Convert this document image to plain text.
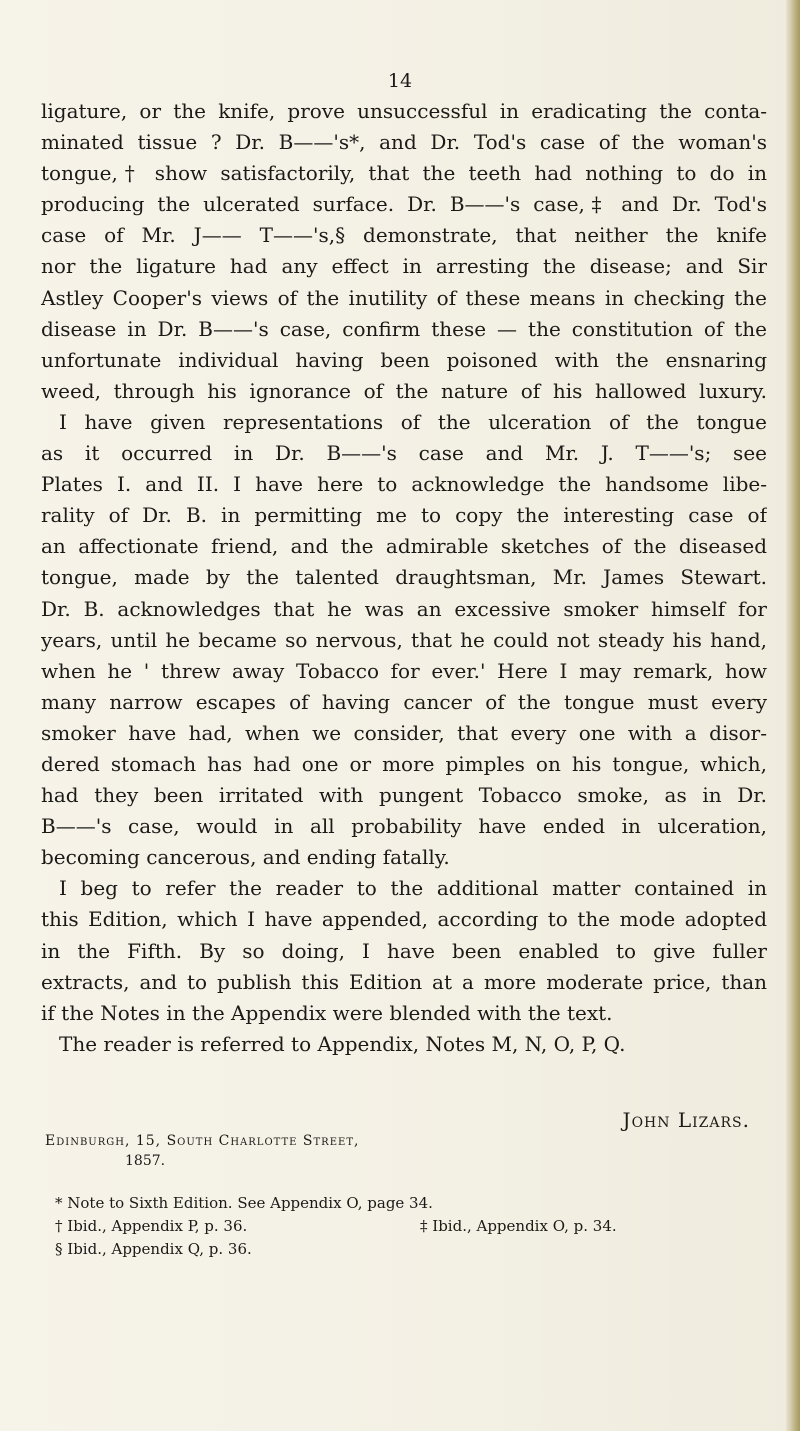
14
ligature, or the knife, prove unsuccessful in eradicating the conta-
minated tissue ? Dr. B——'s*, and Dr. Tod's case of the woman's
tongue,† show satisfactorily, that the teeth had nothing to do in
producing the ulcerated surface. Dr. B——'s case,‡ and Dr. Tod's
case of Mr. J—— T——'s,§ demonstrate, that neither the knife
nor the ligature had any effect in arresting the disease; and Sir
Astley Cooper's views of the inutility of these means in checking the
disease in Dr. B——'s case, confirm these — the constitution of the
unfortunate individual having been poisoned with the ensnaring
weed, through his ignorance of the nature of his hallowed luxury.
I have given representations of the ulceration of the tongue
as it occurred in Dr. B——'s case and Mr. J. T——'s; see
Plates I. and II. I have here to acknowledge the handsome libe-
rality of Dr. B. in permitting me to copy the interesting case of
an affectionate friend, and the admirable sketches of the diseased
tongue, made by the talented draughtsman, Mr. James Stewart.
Dr. B. acknowledges that he was an excessive smoker himself for
years, until he became so nervous, that he could not steady his hand,
when he ' threw away Tobacco for ever.' Here I may remark, how
many narrow escapes of having cancer of the tongue must every
smoker have had, when we consider, that every one with a disor-
dered stomach has had one or more pimples on his tongue, which,
had they been irritated with pungent Tobacco smoke, as in Dr.
B——'s case, would in all probability have ended in ulceration,
becoming cancerous, and ending fatally.
I beg to refer the reader to the additional matter contained in
this Edition, which I have appended, according to the mode adopted
in the Fifth. By so doing, I have been enabled to give fuller
extracts, and to publish this Edition at a more moderate price, than
if the Notes in the Appendix were blended with the text.
The reader is referred to Appendix, Notes M, N, O, P, Q.
John Lizars.
Edinburgh, 15, South Charlotte Street,
1857.
* Note to Sixth Edition. See Appendix O, page 34.
† Ibid., Appendix P, p. 36.	‡ Ibid., Appendix O, p. 34.
§ Ibid., Appendix Q, p. 36.
